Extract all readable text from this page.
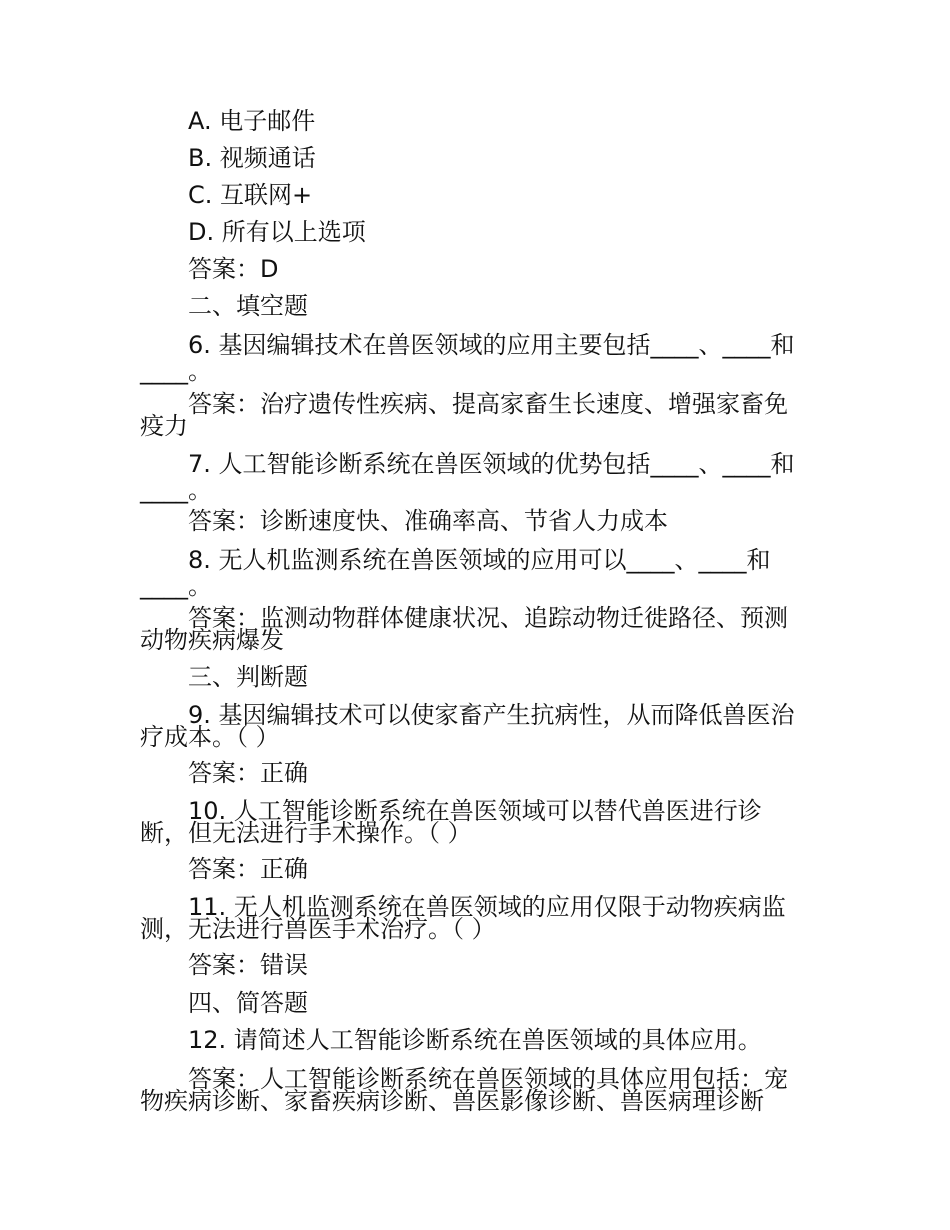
A. 电子邮件
B. 视频通话
C. 互联网+
D. 所有以上选项
答案：D
二、填空题
6. 基因编辑技术在兽医领域的应用主要包括____、____和
____。
答案：治疗遗传性疾病、提高家畜生长速度、增强家畜免
疫力
7. 人工智能诊断系统在兽医领域的优势包括____、____和
____。
答案：诊断速度快、准确率高、节省人力成本
8. 无人机监测系统在兽医领域的应用可以____、____和
____。
答案：监测动物群体健康状况、追踪动物迁徙路径、预测
动物疾病爆发
三、判断题
9. 基因编辑技术可以使家畜产生抗病性，从而降低兽医治
疗成本。（ ）
答案：正确
10. 人工智能诊断系统在兽医领域可以替代兽医进行诊
断，但无法进行手术操作。（ ）
答案：正确
11. 无人机监测系统在兽医领域的应用仅限于动物疾病监
测，无法进行兽医手术治疗。（ ）
答案：错误
四、简答题
12. 请简述人工智能诊断系统在兽医领域的具体应用。
答案：人工智能诊断系统在兽医领域的具体应用包括：宠
物疾病诊断、家畜疾病诊断、兽医影像诊断、兽医病理诊断
